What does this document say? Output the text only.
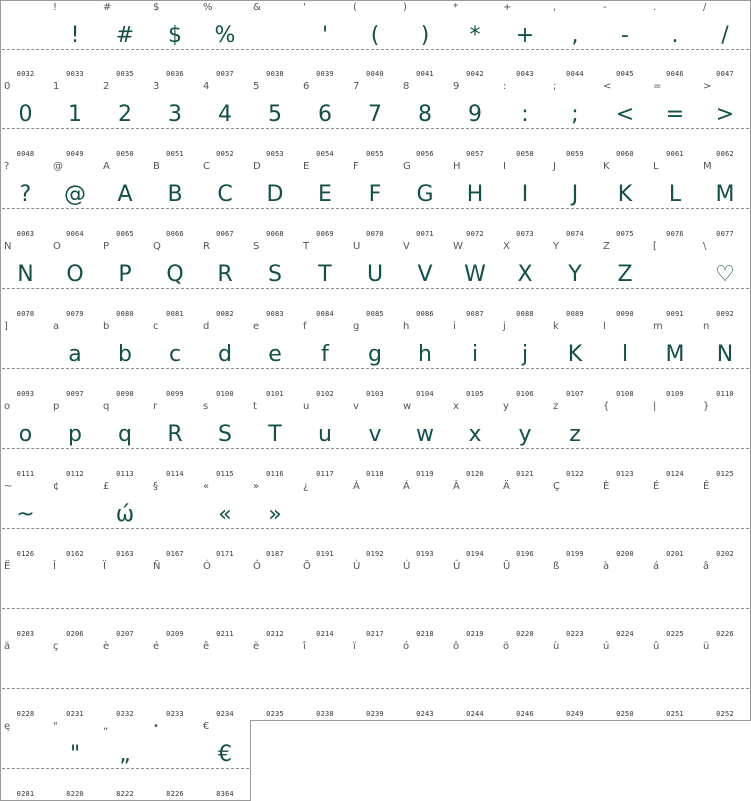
0032
!
!
0033
#
#
0035
$
$
0036
%
%
0037
&
0038
'
'
0039
(
(
0040
)
)
0041
*
*
0042
+
+
0043
,
,
0044
-
-
0045
.
.
0046
/
/
0047
0
0
0048
1
1
0049
2
2
0050
3
3
0051
4
4
0052
5
5
0053
6
6
0054
7
7
0055
8
8
0056
9
9
0057
:
:
0058
;
;
0059
<
<
0060
=
=
0061
>
>
0062
?
?
0063
@
@
0064
A
A
0065
B
B
0066
C
C
0067
D
D
0068
E
E
0069
F
F
0070
G
G
0071
H
H
0072
I
I
0073
J
J
0074
K
K
0075
L
L
0076
M
M
0077
N
N
0078
O
O
0079
P
P
0080
Q
Q
0081
R
R
0082
S
S
0083
T
T
0084
U
U
0085
V
V
0086
W
W
0087
X
X
0088
Y
Y
0089
Z
Z
0090
[
0091
\
♡
0092
]
0093
a
a
0097
b
b
0098
c
c
0099
d
d
0100
e
e
0101
f
f
0102
g
g
0103
h
h
0104
i
i
0105
j
j
0106
k
K
0107
l
l
0108
m
M
0109
n
N
0110
o
o
0111
p
p
0112
q
q
0113
r
R
0114
s
S
0115
t
T
0116
u
u
0117
v
v
0118
w
w
0119
x
x
0120
y
y
0121
z
z
0122
{
0123
|
0124
}
0125
~
~
0126
¢
0162
£
ώ
0163
§
0167
«
«
0171
»
»
0187
¿
0191
À
0192
Á
0193
Â
0194
Ä
0196
Ç
0199
È
0200
É
0201
Ê
0202
Ë
0203
Î
0206
Ï
0207
Ñ
0209
Ó
0211
Ô
0212
Ö
0214
Ù
0217
Ú
0218
Û
0219
Ü
0220
ß
0223
à
0224
á
0225
â
0226
ä
0228
ç
0231
è
0232
é
0233
ê
0234
ë
0235
î
0238
ï
0239
ó
0243
ô
0244
ö
0246
ù
0249
ú
0250
û
0251
ü
0252
ę
0281
"
"
8220
„
„
8222
•
8226
€
€
8364
